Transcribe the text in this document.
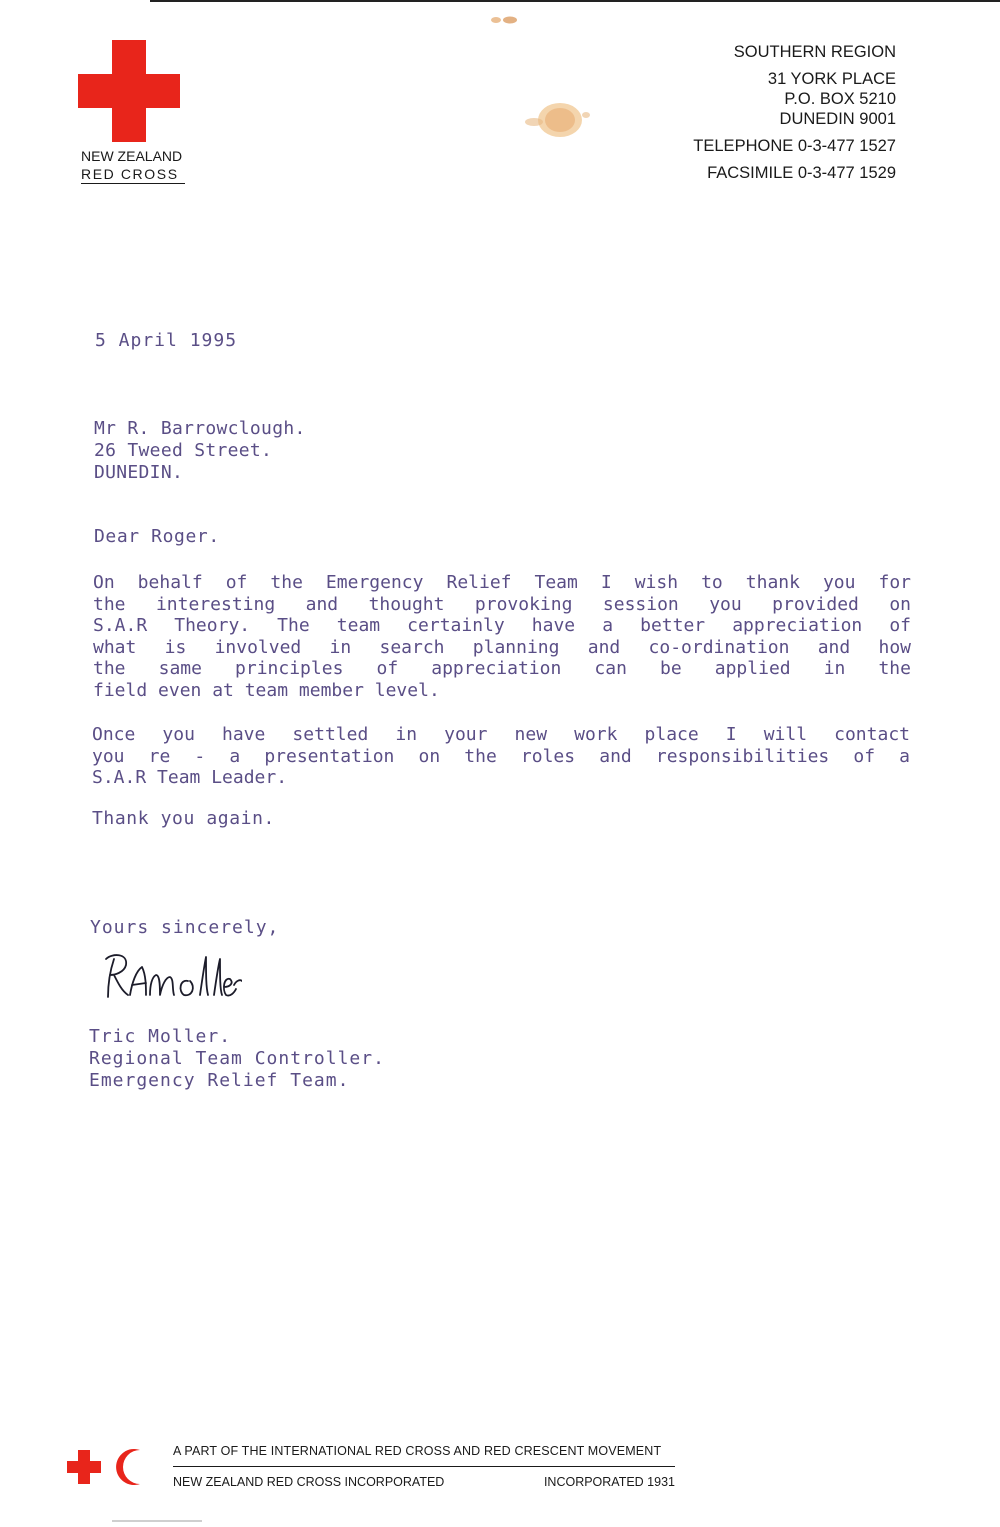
NEW ZEALAND
RED CROSS
SOUTHERN REGION
31 YORK PLACE
P.O. BOX 5210
DUNEDIN 9001
TELEPHONE 0-3-477 1527
FACSIMILE 0-3-477 1529
5 April 1995
Mr R. Barrowclough.
26 Tweed Street.
DUNEDIN.
Dear Roger.
On behalf of the Emergency Relief Team I wish to thank you for
the interesting and thought provoking session you provided on
S.A.R Theory. The team certainly have a better appreciation of
what is involved in search planning and co-ordination and how
the same principles of appreciation can be applied in the
field even at team member level.
Once you have settled in your new work place I will contact
you re - a presentation on the roles and responsibilities of a
S.A.R Team Leader.
Thank you again.
Yours sincerely,
Tric Moller.
Regional Team Controller.
Emergency Relief Team.
A PART OF THE INTERNATIONAL RED CROSS AND RED CRESCENT MOVEMENT
NEW ZEALAND RED CROSS INCORPORATED	INCORPORATED 1931
